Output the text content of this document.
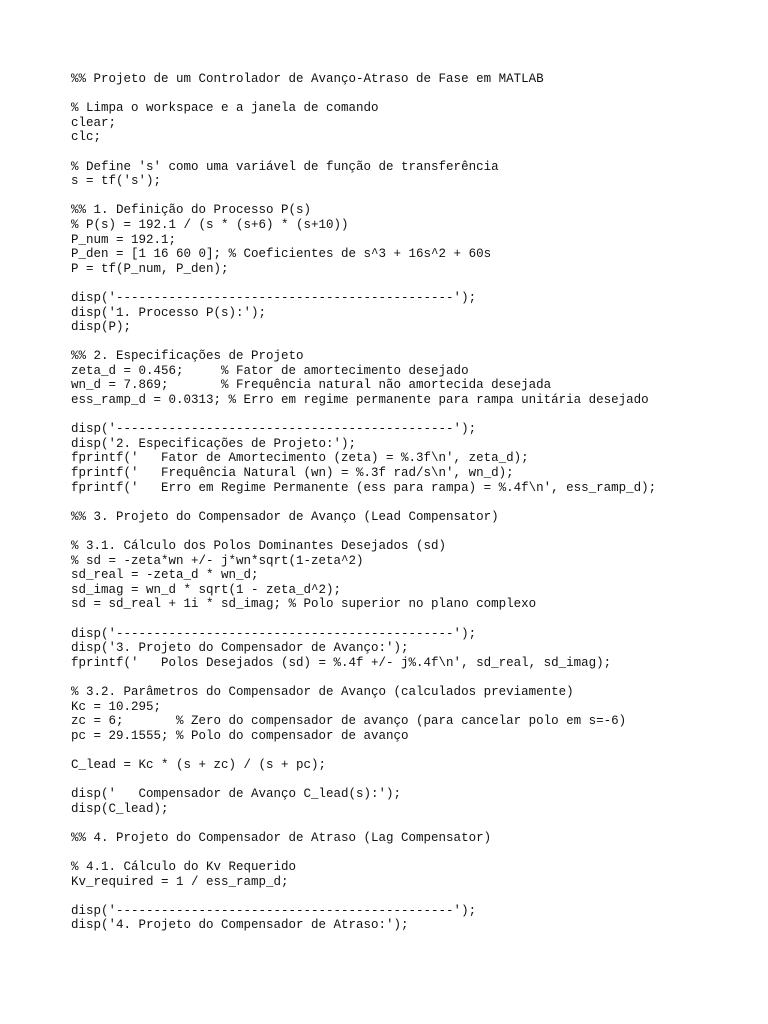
%% Projeto de um Controlador de Avanço-Atraso de Fase em MATLAB
% Limpa o workspace e a janela de comando
clear;
clc;
% Define 's' como uma variável de função de transferência
s = tf('s');
%% 1. Definição do Processo P(s)
% P(s) = 192.1 / (s * (s+6) * (s+10))
P_num = 192.1;
P_den = [1 16 60 0]; % Coeficientes de s^3 + 16s^2 + 60s
P = tf(P_num, P_den);
disp('---------------------------------------------');
disp('1. Processo P(s):');
disp(P);
%% 2. Especificações de Projeto
zeta_d = 0.456;     % Fator de amortecimento desejado
wn_d = 7.869;       % Frequência natural não amortecida desejada
ess_ramp_d = 0.0313; % Erro em regime permanente para rampa unitária desejado
disp('---------------------------------------------');
disp('2. Especificações de Projeto:');
fprintf('   Fator de Amortecimento (zeta) = %.3f\n', zeta_d);
fprintf('   Frequência Natural (wn) = %.3f rad/s\n', wn_d);
fprintf('   Erro em Regime Permanente (ess para rampa) = %.4f\n', ess_ramp_d);
%% 3. Projeto do Compensador de Avanço (Lead Compensator)
% 3.1. Cálculo dos Polos Dominantes Desejados (sd)
% sd = -zeta*wn +/- j*wn*sqrt(1-zeta^2)
sd_real = -zeta_d * wn_d;
sd_imag = wn_d * sqrt(1 - zeta_d^2);
sd = sd_real + 1i * sd_imag; % Polo superior no plano complexo
disp('---------------------------------------------');
disp('3. Projeto do Compensador de Avanço:');
fprintf('   Polos Desejados (sd) = %.4f +/- j%.4f\n', sd_real, sd_imag);
% 3.2. Parâmetros do Compensador de Avanço (calculados previamente)
Kc = 10.295;
zc = 6;       % Zero do compensador de avanço (para cancelar polo em s=-6)
pc = 29.1555; % Polo do compensador de avanço
C_lead = Kc * (s + zc) / (s + pc);
disp('   Compensador de Avanço C_lead(s):');
disp(C_lead);
%% 4. Projeto do Compensador de Atraso (Lag Compensator)
% 4.1. Cálculo do Kv Requerido
Kv_required = 1 / ess_ramp_d;
disp('---------------------------------------------');
disp('4. Projeto do Compensador de Atraso:');
